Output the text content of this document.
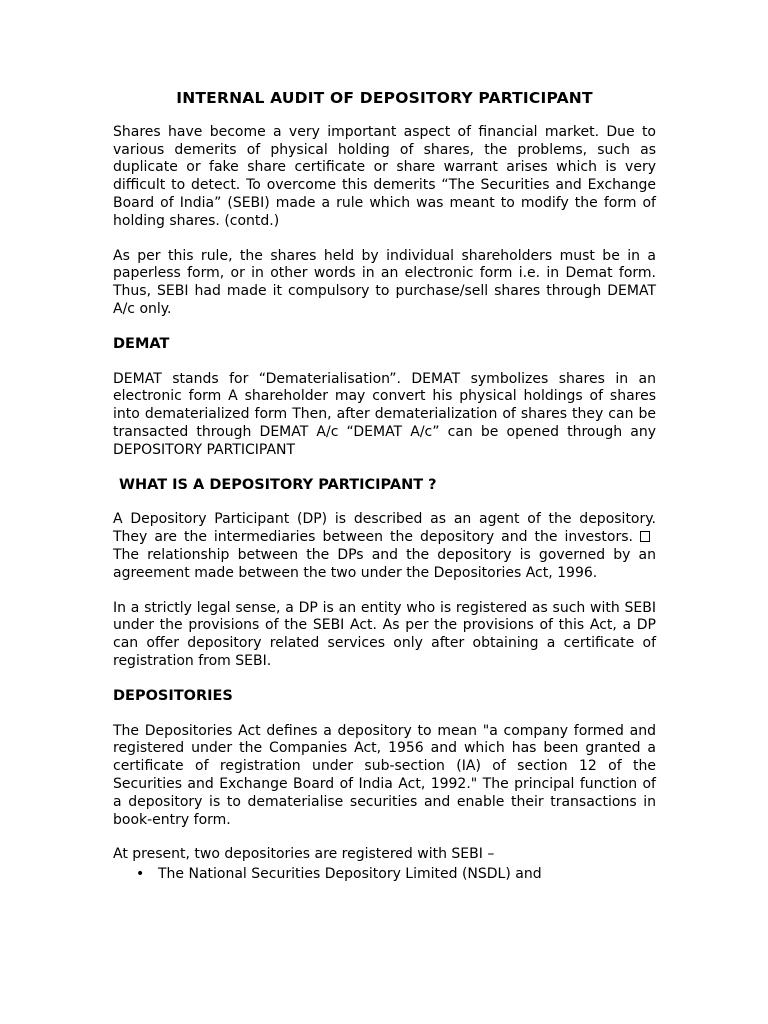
INTERNAL AUDIT OF DEPOSITORY PARTICIPANT

Shares have become a very important aspect of financial market. Due to various demerits of physical holding of shares, the problems, such as duplicate or fake share certificate or share warrant arises which is very difficult to detect. To overcome this demerits “The Securities and Exchange Board of India” (SEBI) made a rule which was meant to modify the form of holding shares. (contd.)

As per this rule, the shares held by individual shareholders must be in a paperless form, or in other words in an electronic form i.e. in Demat form. Thus, SEBI had made it compulsory to purchase/sell shares through DEMAT A/c only.

DEMAT

DEMAT stands for “Dematerialisation”. DEMAT symbolizes shares in an electronic form A shareholder may convert his physical holdings of shares into dematerialized form Then, after dematerialization of shares they can be transacted through DEMAT A/c “DEMAT A/c” can be opened through any DEPOSITORY PARTICIPANT

WHAT IS A DEPOSITORY PARTICIPANT ?

A Depository Participant (DP) is described as an agent of the depository. They are the intermediaries between the depository and the investors. The relationship between the DPs and the depository is governed by an agreement made between the two under the Depositories Act, 1996.

In a strictly legal sense, a DP is an entity who is registered as such with SEBI under the provisions of the SEBI Act. As per the provisions of this Act, a DP can offer depository related services only after obtaining a certificate of registration from SEBI.

DEPOSITORIES

The Depositories Act defines a depository to mean "a company formed and registered under the Companies Act, 1956 and which has been granted a certificate of registration under sub-section (IA) of section 12 of the Securities and Exchange Board of India Act, 1992." The principal function of a depository is to dematerialise securities and enable their transactions in book-entry form.

At present, two depositories are registered with SEBI –

• The National Securities Depository Limited (NSDL) and
